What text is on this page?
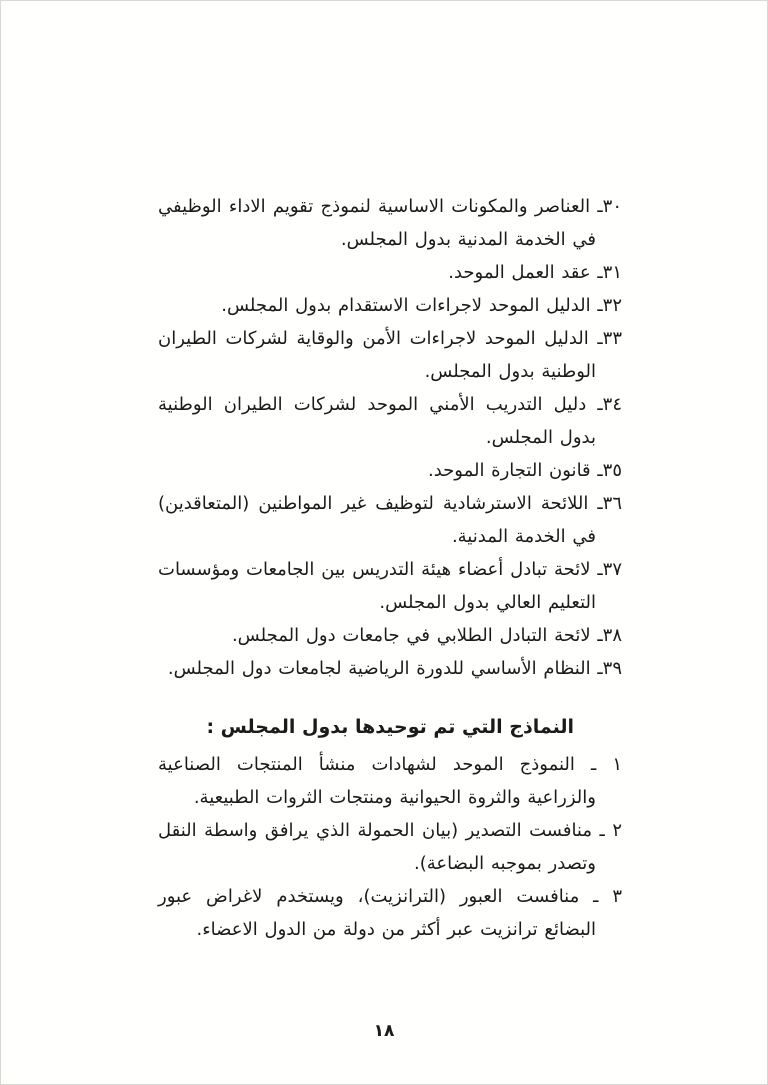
٣٠ـ العناصر والمكونات الاساسية لنموذج تقويم الاداء الوظيفي في الخدمة المدنية بدول المجلس.

٣١ـ عقد العمل الموحد.

٣٢ـ الدليل الموحد لاجراءات الاستقدام بدول المجلس.

٣٣ـ الدليل الموحد لاجراءات الأمن والوقاية لشركات الطيران الوطنية بدول المجلس.

٣٤ـ دليل التدريب الأمني الموحد لشركات الطيران الوطنية بدول المجلس.

٣٥ـ قانون التجارة الموحد.

٣٦ـ اللائحة الاسترشادية لتوظيف غير المواطنين (المتعاقدين) في الخدمة المدنية.

٣٧ـ لائحة تبادل أعضاء هيئة التدريس بين الجامعات ومؤسسات التعليم العالي بدول المجلس.

٣٨ـ لائحة التبادل الطلابي في جامعات دول المجلس.

٣٩ـ النظام الأساسي للدورة الرياضية لجامعات دول المجلس.

النماذج التي تم توحيدها بدول المجلس :

١ ـ النموذج الموحد لشهادات منشأ المنتجات الصناعية والزراعية والثروة الحيوانية ومنتجات الثروات الطبيعية.

٢ ـ منافست التصدير (بيان الحمولة الذي يرافق واسطة النقل وتصدر بموجبه البضاعة).

٣ ـ منافست العبور (الترانزيت)، ويستخدم لاغراض عبور البضائع ترانزيت عبر أكثر من دولة من الدول الاعضاء.

١٨
